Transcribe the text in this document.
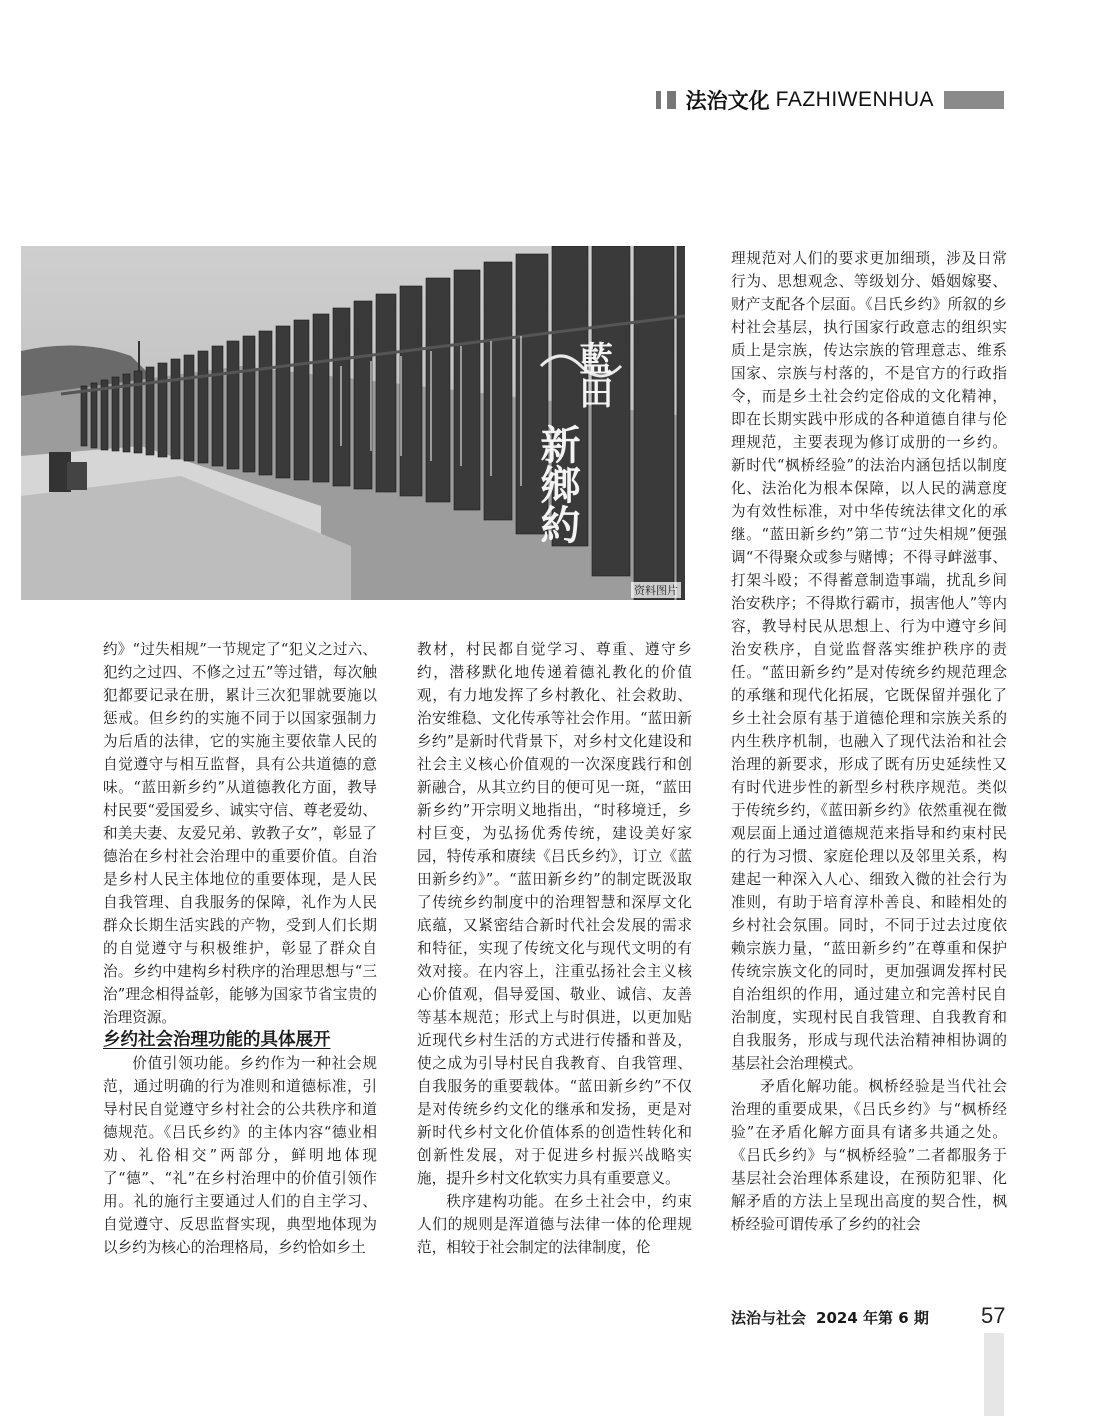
法治文化 FAZHIWENHUA
藍田
新鄉約
资料图片

约》“过失相规”一节规定了“犯义之过六、犯约之过四、不修之过五”等过错，每次触犯都要记录在册，累计三次犯罪就要施以惩戒。但乡约的实施不同于以国家强制力为后盾的法律，它的实施主要依靠人民的自觉遵守与相互监督，具有公共道德的意味。“蓝田新乡约”从道德教化方面，教导村民要“爱国爱乡、诚实守信、尊老爱幼、和美夫妻、友爱兄弟、敦教子女”，彰显了德治在乡村社会治理中的重要价值。自治是乡村人民主体地位的重要体现，是人民自我管理、自我服务的保障，礼作为人民群众长期生活实践的产物，受到人们长期的自觉遵守与积极维护，彰显了群众自治。乡约中建构乡村秩序的治理思想与“三治”理念相得益彰，能够为国家节省宝贵的治理资源。

乡约社会治理功能的具体展开

价值引领功能。乡约作为一种社会规范，通过明确的行为准则和道德标准，引导村民自觉遵守乡村社会的公共秩序和道德规范。《吕氏乡约》的主体内容“德业相劝、礼俗相交”两部分，鲜明地体现了“德”、“礼”在乡村治理中的价值引领作用。礼的施行主要通过人们的自主学习、自觉遵守、反思监督实现，典型地体现为以乡约为核心的治理格局，乡约恰如乡土

教材，村民都自觉学习、尊重、遵守乡约，潜移默化地传递着德礼教化的价值观，有力地发挥了乡村教化、社会救助、治安维稳、文化传承等社会作用。“蓝田新乡约”是新时代背景下，对乡村文化建设和社会主义核心价值观的一次深度践行和创新融合，从其立约目的便可见一斑，“蓝田新乡约”开宗明义地指出，“时移境迁，乡村巨变，为弘扬优秀传统，建设美好家园，特传承和赓续《吕氏乡约》，订立《蓝田新乡约》”。“蓝田新乡约”的制定既汲取了传统乡约制度中的治理智慧和深厚文化底蕴，又紧密结合新时代社会发展的需求和特征，实现了传统文化与现代文明的有效对接。在内容上，注重弘扬社会主义核心价值观，倡导爱国、敬业、诚信、友善等基本规范；形式上与时俱进，以更加贴近现代乡村生活的方式进行传播和普及，使之成为引导村民自我教育、自我管理、自我服务的重要载体。“蓝田新乡约”不仅是对传统乡约文化的继承和发扬，更是对新时代乡村文化价值体系的创造性转化和创新性发展，对于促进乡村振兴战略实施，提升乡村文化软实力具有重要意义。

秩序建构功能。在乡土社会中，约束人们的规则是浑道德与法律一体的伦理规范，相较于社会制定的法律制度，伦

理规范对人们的要求更加细琐，涉及日常行为、思想观念、等级划分、婚姻嫁娶、财产支配各个层面。《吕氏乡约》所叙的乡村社会基层，执行国家行政意志的组织实质上是宗族，传达宗族的管理意志、维系国家、宗族与村落的，不是官方的行政指令，而是乡土社会约定俗成的文化精神，即在长期实践中形成的各种道德自律与伦理规范，主要表现为修订成册的一乡约。新时代“枫桥经验”的法治内涵包括以制度化、法治化为根本保障，以人民的满意度为有效性标准，对中华传统法律文化的承继。“蓝田新乡约”第二节“过失相规”便强调“不得聚众或参与赌博；不得寻衅滋事、打架斗殴；不得蓄意制造事端，扰乱乡间治安秩序；不得欺行霸市，损害他人”等内容，教导村民从思想上、行为中遵守乡间治安秩序，自觉监督落实维护秩序的责任。“蓝田新乡约”是对传统乡约规范理念的承继和现代化拓展，它既保留并强化了乡土社会原有基于道德伦理和宗族关系的内生秩序机制，也融入了现代法治和社会治理的新要求，形成了既有历史延续性又有时代进步性的新型乡村秩序规范。类似于传统乡约，《蓝田新乡约》依然重视在微观层面上通过道德规范来指导和约束村民的行为习惯、家庭伦理以及邻里关系，构建起一种深入人心、细致入微的社会行为准则，有助于培育淳朴善良、和睦相处的乡村社会氛围。同时，不同于过去过度依赖宗族力量，“蓝田新乡约”在尊重和保护传统宗族文化的同时，更加强调发挥村民自治组织的作用，通过建立和完善村民自治制度，实现村民自我管理、自我教育和自我服务，形成与现代法治精神相协调的基层社会治理模式。

矛盾化解功能。枫桥经验是当代社会治理的重要成果，《吕氏乡约》与“枫桥经验”在矛盾化解方面具有诸多共通之处。《吕氏乡约》与“枫桥经验”二者都服务于基层社会治理体系建设，在预防犯罪、化解矛盾的方法上呈现出高度的契合性，枫桥经验可谓传承了乡约的社会

法治与社会 2024 年第 6 期 57
